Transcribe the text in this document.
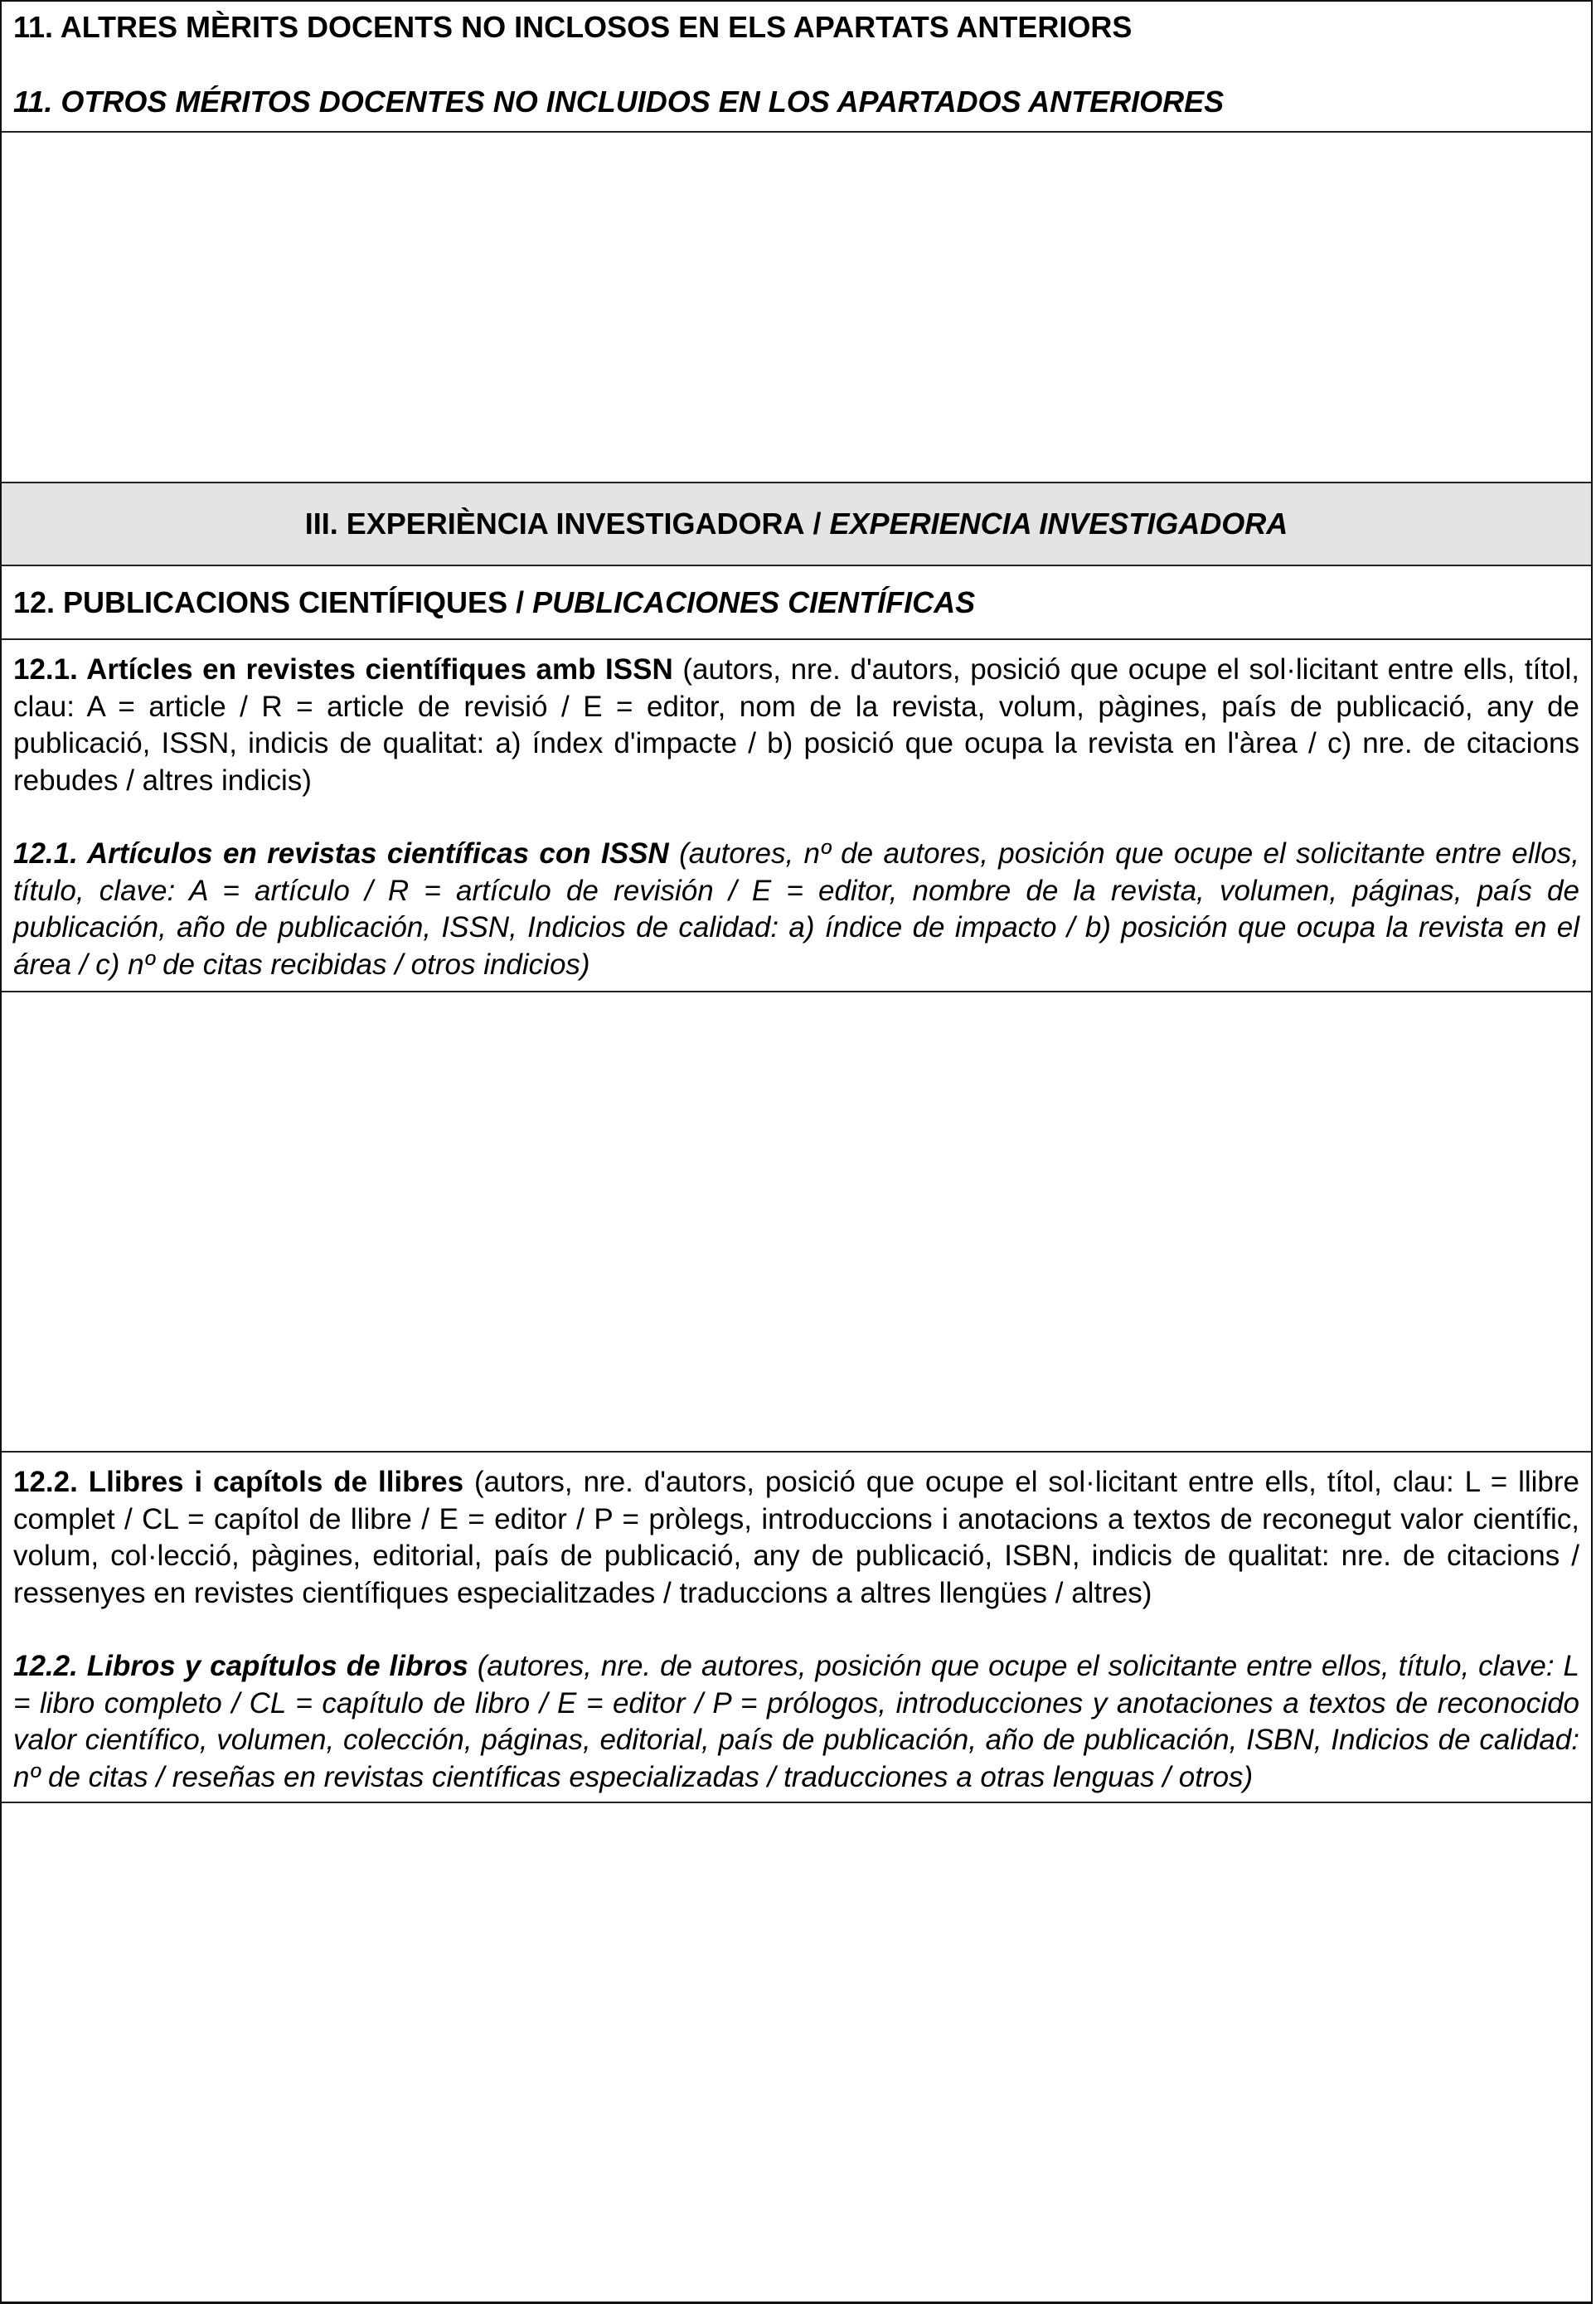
11. ALTRES MÈRITS DOCENTS NO INCLOSOS EN ELS APARTATS ANTERIORS
11. OTROS MÉRITOS DOCENTES NO INCLUIDOS EN LOS APARTADOS ANTERIORES
III. EXPERIÈNCIA INVESTIGADORA / EXPERIENCIA INVESTIGADORA
12. PUBLICACIONS CIENTÍFIQUES / PUBLICACIONES CIENTÍFICAS

12.1. Artícles en revistes científiques amb ISSN (autors, nre. d'autors, posició que ocupe el sol·licitant entre ells, títol, clau: A = article / R = article de revisió / E = editor, nom de la revista, volum, pàgines, país de publicació, any de publicació, ISSN, indicis de qualitat: a) índex d'impacte / b) posició que ocupa la revista en l'àrea / c) nre. de citacions rebudes / altres indicis)

12.1. Artículos en revistas científicas con ISSN (autores, nº de autores, posición que ocupe el solicitante entre ellos, título, clave: A = artículo / R = artículo de revisión / E = editor, nombre de la revista, volumen, páginas, país de publicación, año de publicación, ISSN, Indicios de calidad: a) índice de impacto / b) posición que ocupa la revista en el área / c) nº de citas recibidas / otros indicios)

12.2. Llibres i capítols de llibres (autors, nre. d'autors, posició que ocupe el sol·licitant entre ells, títol, clau: L = llibre complet / CL = capítol de llibre / E = editor / P = pròlegs, introduccions i anotacions a textos de reconegut valor científic, volum, col·lecció, pàgines, editorial, país de publicació, any de publicació, ISBN, indicis de qualitat: nre. de citacions / ressenyes en revistes científiques especialitzades / traduccions a altres llengües / altres)

12.2. Libros y capítulos de libros (autores, nre. de autores, posición que ocupe el solicitante entre ellos, título, clave: L = libro completo / CL = capítulo de libro / E = editor / P = prólogos, introducciones y anotaciones a textos de reconocido valor científico, volumen, colección, páginas, editorial, país de publicación, año de publicación, ISBN, Indicios de calidad: nº de citas / reseñas en revistas científicas especializadas / traducciones a otras lenguas / otros)
